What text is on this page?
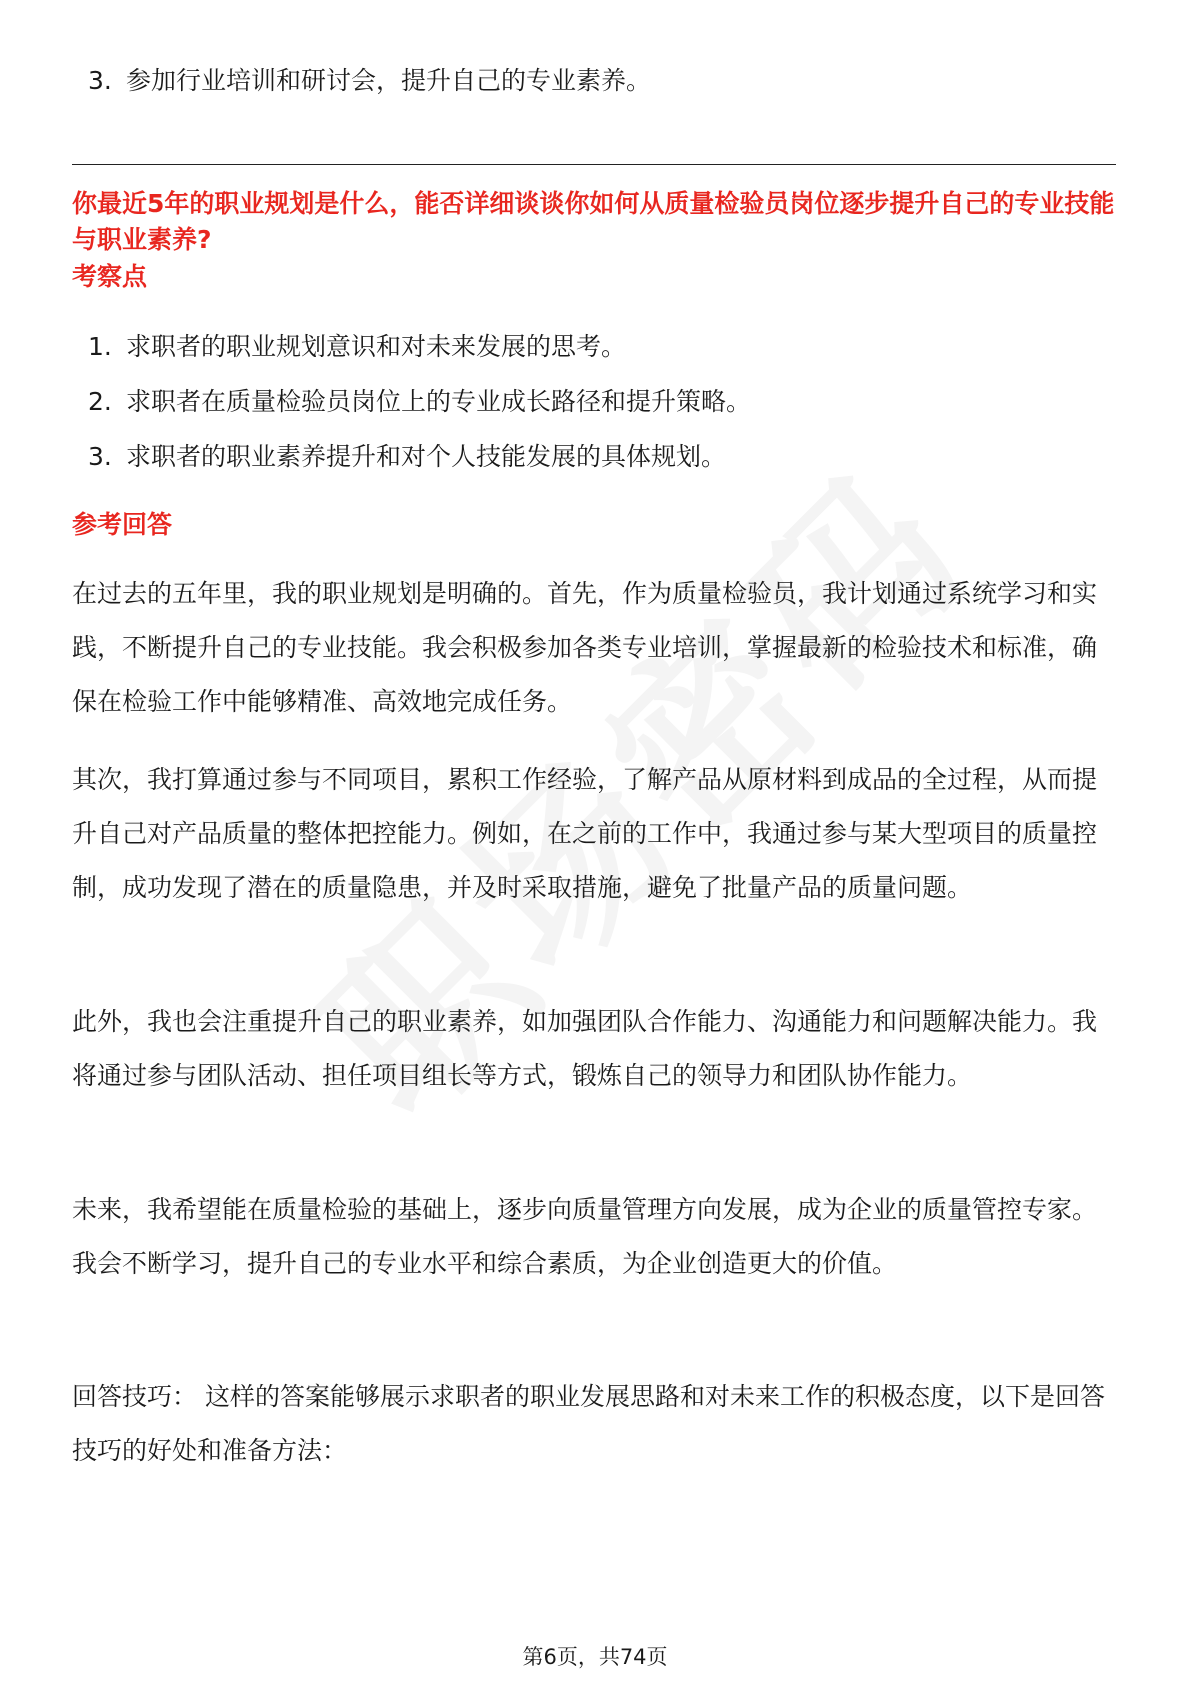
3. 参加行业培训和研讨会，提升自己的专业素养。
你最近5年的职业规划是什么，能否详细谈谈你如何从质量检验员岗位逐步提升自己的专业技能与职业素养?
考察点
1. 求职者的职业规划意识和对未来发展的思考。
2. 求职者在质量检验员岗位上的专业成长路径和提升策略。
3. 求职者的职业素养提升和对个人技能发展的具体规划。
参考回答
在过去的五年里，我的职业规划是明确的。首先，作为质量检验员，我计划通过系统学习和实践，不断提升自己的专业技能。我会积极参加各类专业培训，掌握最新的检验技术和标准，确保在检验工作中能够精准、高效地完成任务。
其次，我打算通过参与不同项目，累积工作经验，了解产品从原材料到成品的全过程，从而提升自己对产品质量的整体把控能力。例如，在之前的工作中，我通过参与某大型项目的质量控制，成功发现了潜在的质量隐患，并及时采取措施，避免了批量产品的质量问题。
此外，我也会注重提升自己的职业素养，如加强团队合作能力、沟通能力和问题解决能力。我将通过参与团队活动、担任项目组长等方式，锻炼自己的领导力和团队协作能力。
未来，我希望能在质量检验的基础上，逐步向质量管理方向发展，成为企业的质量管控专家。我会不断学习，提升自己的专业水平和综合素质，为企业创造更大的价值。
回答技巧： 这样的答案能够展示求职者的职业发展思路和对未来工作的积极态度，以下是回答技巧的好处和准备方法：
第6页，共74页
